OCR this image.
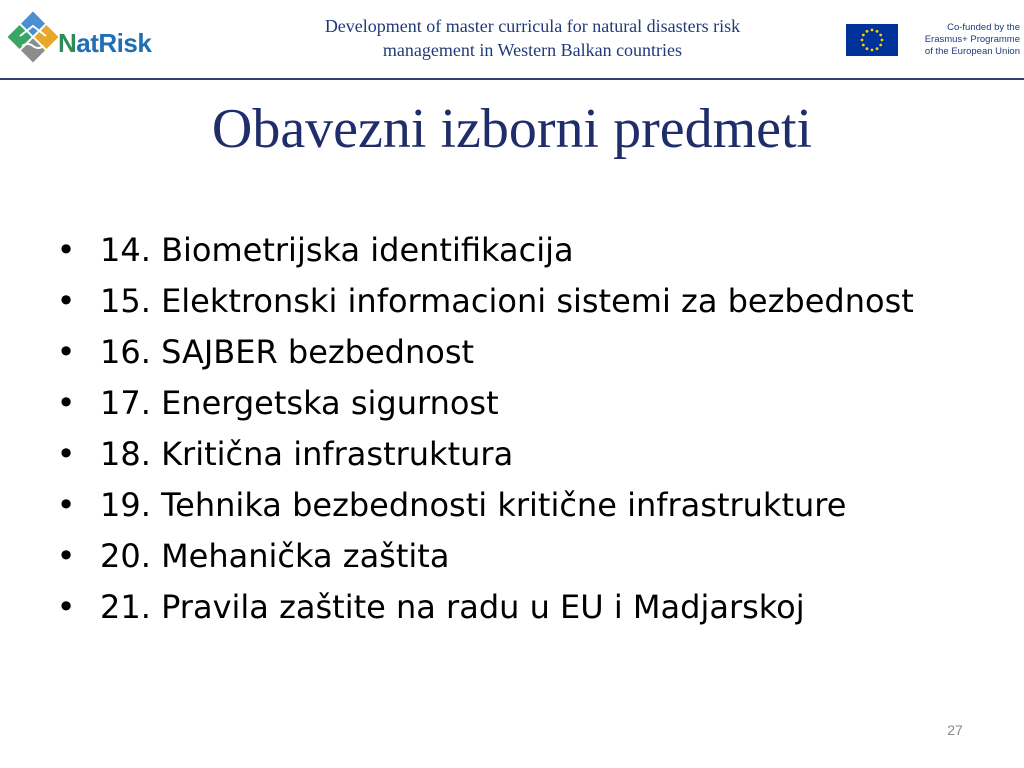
NatRisk
Development of master curricula for natural disasters risk
management in Western Balkan countries
Co-funded by the
Erasmus+ Programme
of the European Union
Obavezni izborni predmeti
• 14. Biometrijska identifikacija
• 15. Elektronski informacioni sistemi za bezbednost
• 16. SAJBER bezbednost
• 17. Energetska sigurnost
• 18. Kritična infrastruktura
• 19. Tehnika bezbednosti kritične infrastrukture
• 20. Mehanička zaštita
• 21. Pravila zaštite na radu u EU i Madjarskoj
27
